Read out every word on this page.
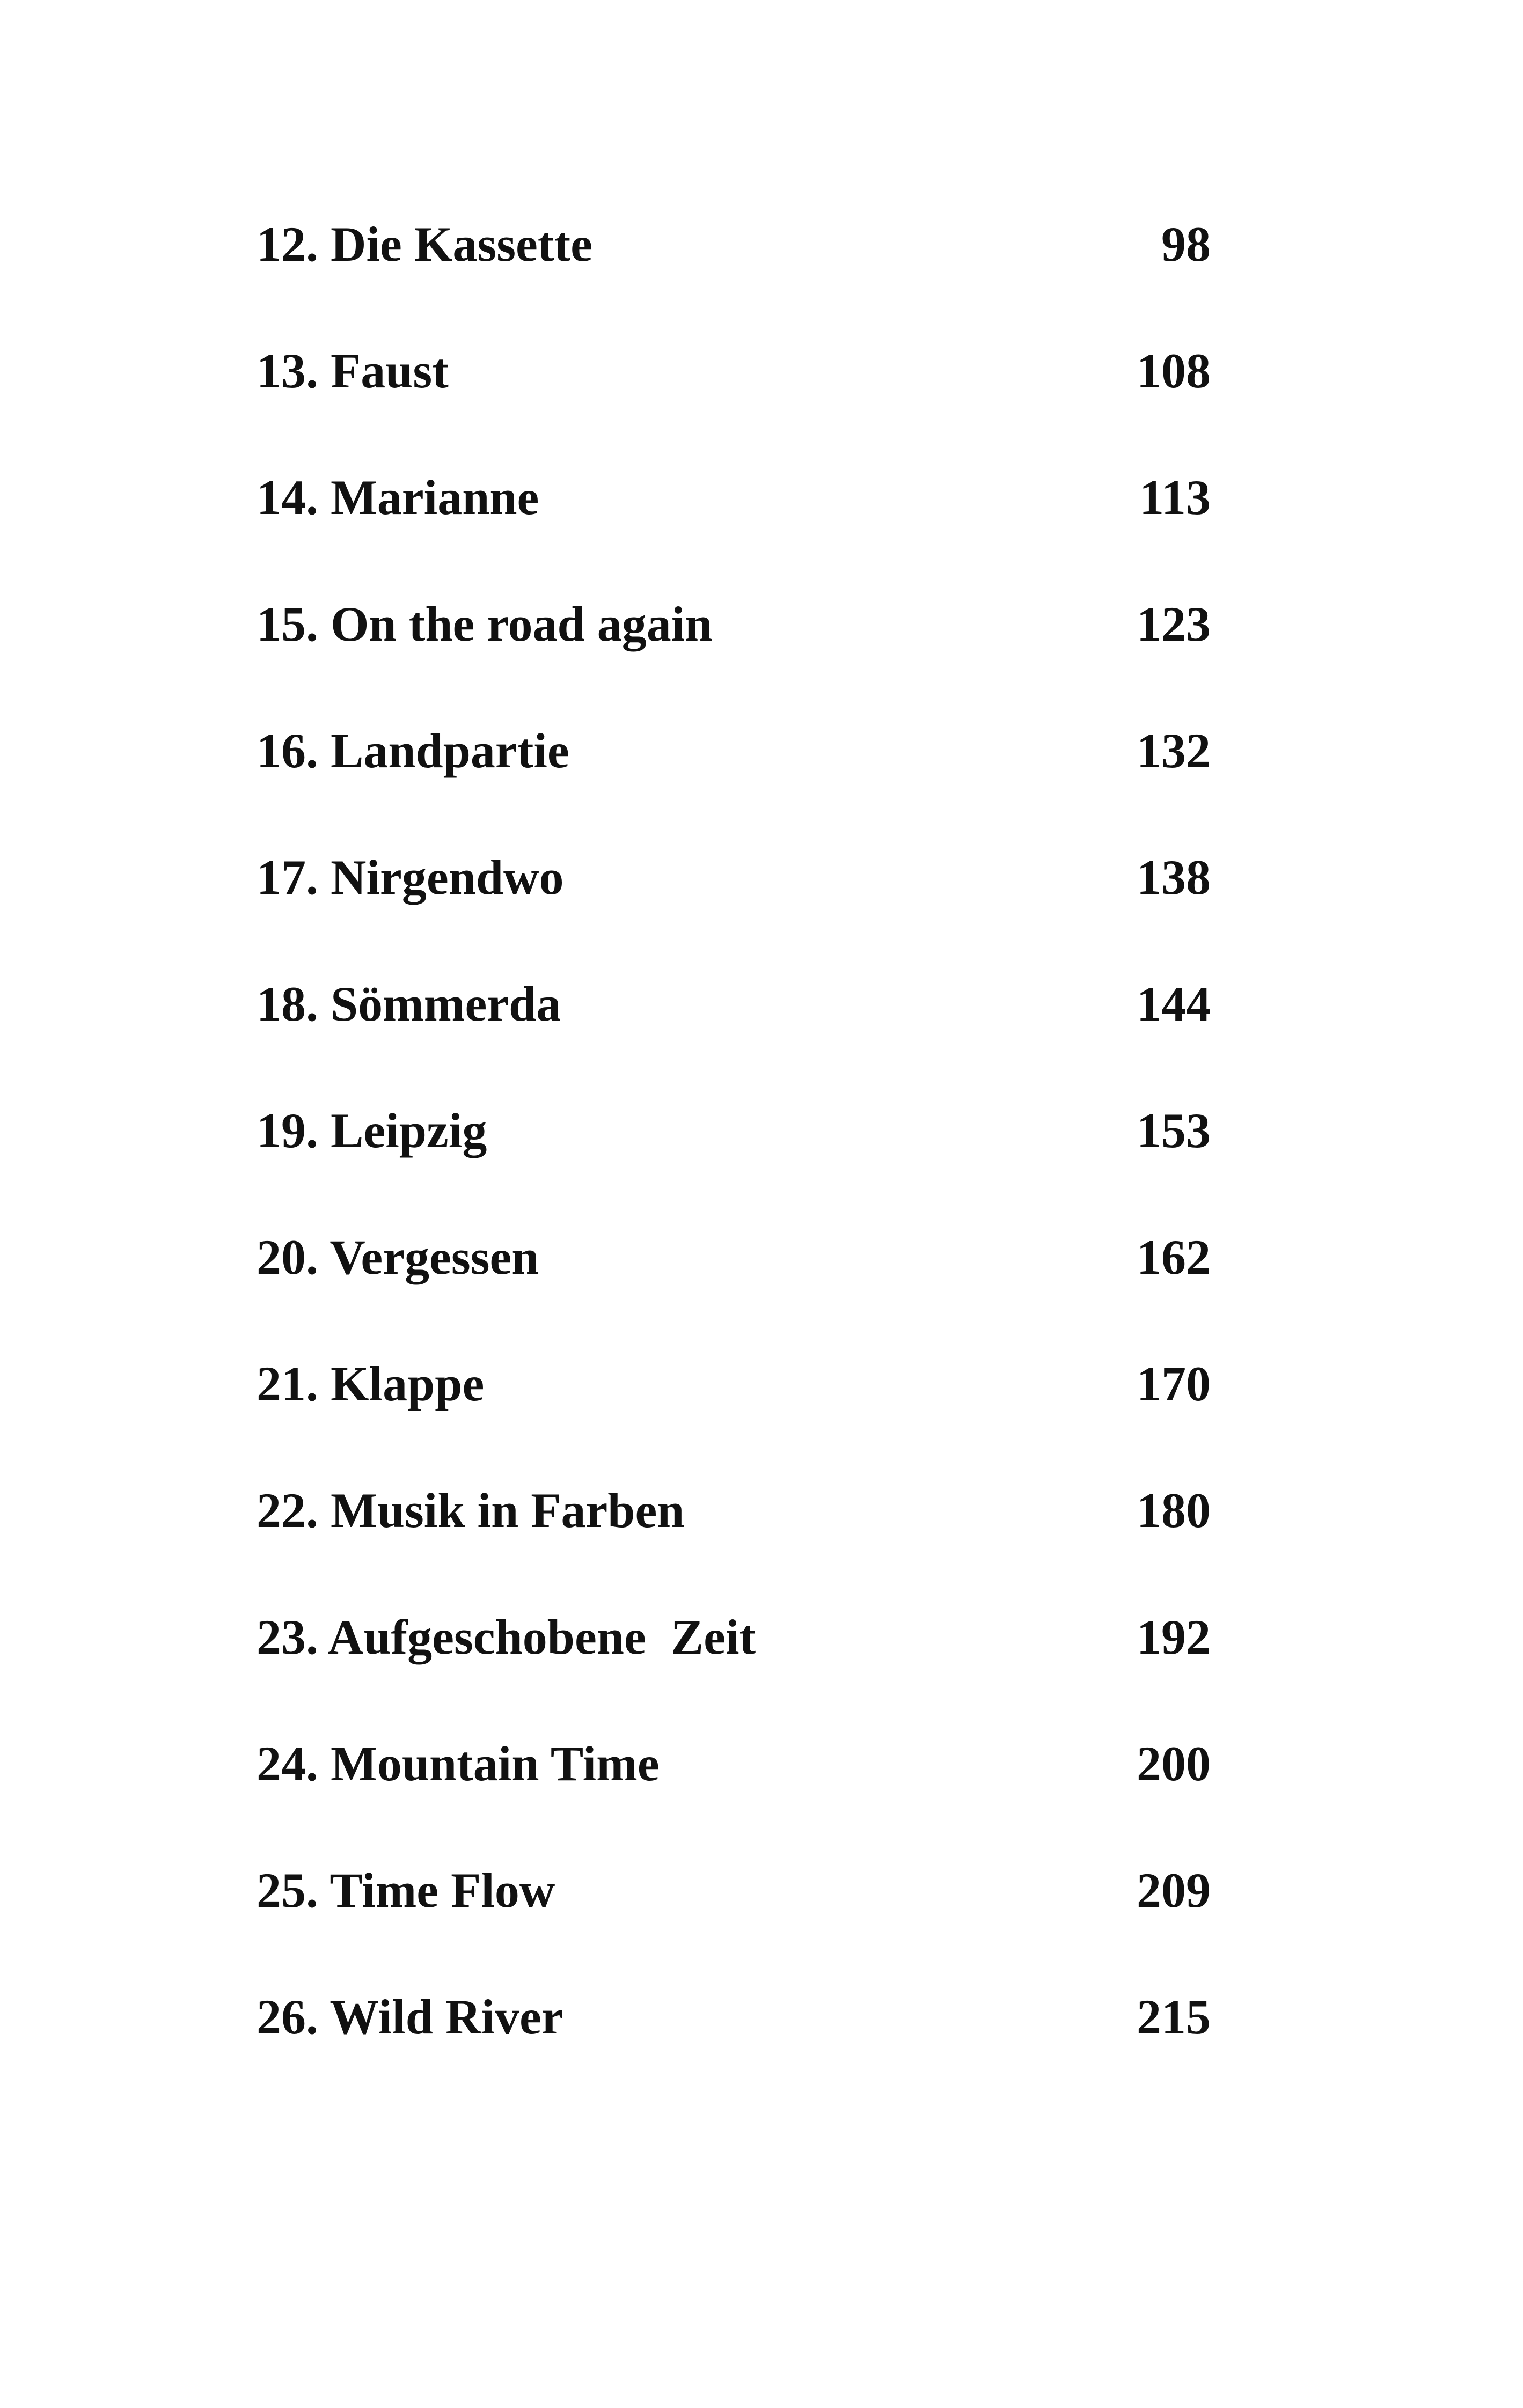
12. Die Kassette	98
13. Faust	108
14. Marianne	113
15. On the road again	123
16. Landpartie	132
17. Nirgendwo	138
18. Sömmerda	144
19. Leipzig	153
20. Vergessen	162
21. Klappe	170
22. Musik in Farben	180
23. Aufgeschobene  Zeit	192
24. Mountain Time	200
25. Time Flow	209
26. Wild River	215
